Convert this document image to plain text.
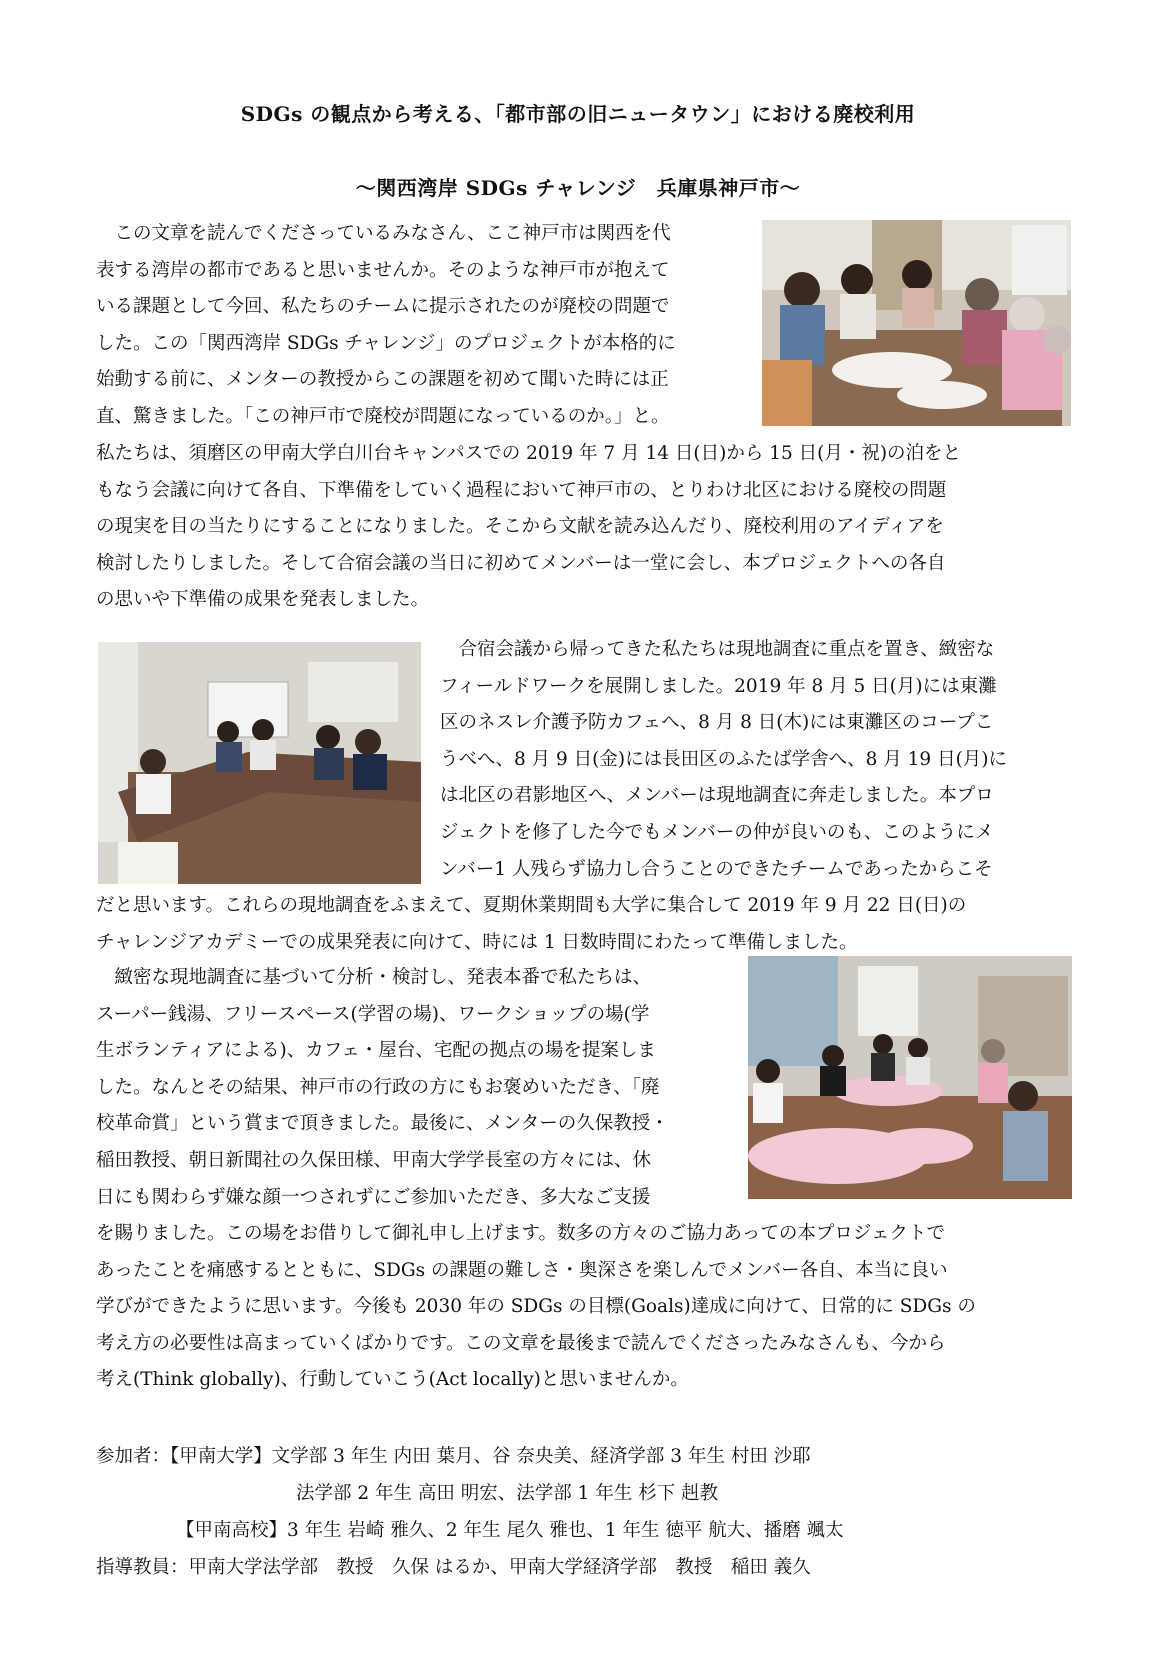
SDGs の観点から考える、「都市部の旧ニュータウン」における廃校利用
〜関西湾岸 SDGs チャレンジ　兵庫県神戸市〜
　この文章を読んでくださっているみなさん、ここ神戸市は関西を代
表する湾岸の都市であると思いませんか。そのような神戸市が抱えて
いる課題として今回、私たちのチームに提示されたのが廃校の問題で
した。この「関西湾岸 SDGs チャレンジ」のプロジェクトが本格的に
始動する前に、メンターの教授からこの課題を初めて聞いた時には正
直、驚きました。「この神戸市で廃校が問題になっているのか。」と。
私たちは、須磨区の甲南大学白川台キャンパスでの 2019 年 7 月 14 日(日)から 15 日(月・祝)の泊をと
もなう会議に向けて各自、下準備をしていく過程において神戸市の、とりわけ北区における廃校の問題
の現実を目の当たりにすることになりました。そこから文献を読み込んだり、廃校利用のアイディアを
検討したりしました。そして合宿会議の当日に初めてメンバーは一堂に会し、本プロジェクトへの各自
の思いや下準備の成果を発表しました。
　合宿会議から帰ってきた私たちは現地調査に重点を置き、緻密な
フィールドワークを展開しました。2019 年 8 月 5 日(月)には東灘
区のネスレ介護予防カフェへ、8 月 8 日(木)には東灘区のコープこ
うべへ、8 月 9 日(金)には長田区のふたば学舎へ、8 月 19 日(月)に
は北区の君影地区へ、メンバーは現地調査に奔走しました。本プロ
ジェクトを修了した今でもメンバーの仲が良いのも、このようにメ
ンバー1 人残らず協力し合うことのできたチームであったからこそ
だと思います。これらの現地調査をふまえて、夏期休業期間も大学に集合して 2019 年 9 月 22 日(日)の
チャレンジアカデミーでの成果発表に向けて、時には 1 日数時間にわたって準備しました。
　緻密な現地調査に基づいて分析・検討し、発表本番で私たちは、
スーパー銭湯、フリースペース(学習の場)、ワークショップの場(学
生ボランティアによる)、カフェ・屋台、宅配の拠点の場を提案しま
した。なんとその結果、神戸市の行政の方にもお褒めいただき、「廃
校革命賞」という賞まで頂きました。最後に、メンターの久保教授・
稲田教授、朝日新聞社の久保田様、甲南大学学長室の方々には、休
日にも関わらず嫌な顔一つされずにご参加いただき、多大なご支援
を賜りました。この場をお借りして御礼申し上げます。数多の方々のご協力あっての本プロジェクトで
あったことを痛感するとともに、SDGs の課題の難しさ・奥深さを楽しんでメンバー各自、本当に良い
学びができたように思います。今後も 2030 年の SDGs の目標(Goals)達成に向けて、日常的に SDGs の
考え方の必要性は高まっていくばかりです。この文章を最後まで読んでくださったみなさんも、今から
考え(Think globally)、行動していこう(Act locally)と思いませんか。
参加者：【甲南大学】文学部 3 年生 内田 葉月、谷 奈央美、経済学部 3 年生 村田 沙耶
法学部 2 年生 高田 明宏、法学部 1 年生 杉下 赳教
【甲南高校】3 年生 岩崎 雅久、2 年生 尾久 雅也、1 年生 徳平 航大、播磨 颯太
指導教員：甲南大学法学部　教授　久保 はるか、甲南大学経済学部　教授　稲田 義久
